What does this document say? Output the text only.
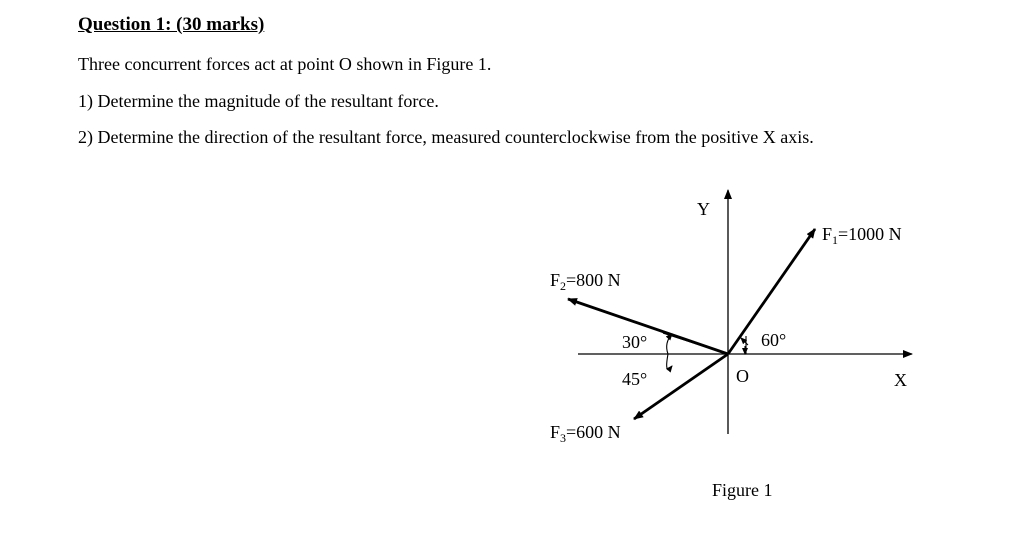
Question 1: (30 marks)
Three concurrent forces act at point O shown in Figure 1.
1) Determine the magnitude of the resultant force.
2) Determine the direction of the resultant force, measured counterclockwise from the positive X axis.
Y
X
O
$F_1=1000$ N
$F_2=800$ N
$F_3=600$ N
60°
30°
45°
Figure 1
